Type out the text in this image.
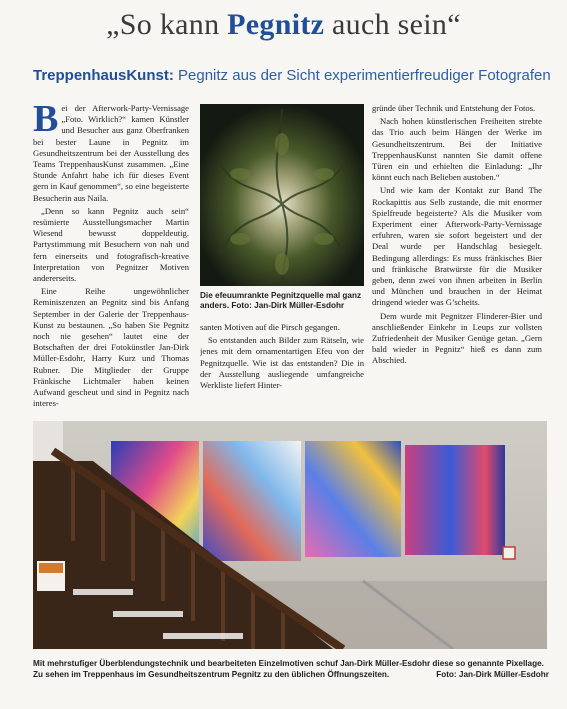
„So kann Pegnitz auch sein“
TreppenhausKunst: Pegnitz aus der Sicht experimentierfreudiger Fotografen
B ei der Afterwork-Party-Vernissage „Foto. Wirklich?“ kamen Künstler und Besucher aus ganz Oberfranken bei bester Laune in Pegnitz im Gesundheitszentrum bei der Ausstellung des Teams TreppenhausKunst zusammen. „Eine Stunde Anfahrt habe ich für dieses Event gern in Kauf genommen“, so eine begeisterte Besucherin aus Naila.

„Denn so kann Pegnitz auch sein“ resümierte Ausstellungsmacher Martin Wiesend bewusst doppeldeutig. Partystimmung mit Besuchern von nah und fern einerseits und fotografisch-kreative Interpretation von Pegnitzer Motiven andererseits.

Eine Reihe ungewöhnlicher Reminiszenzen an Pegnitz sind bis Anfang September in der Galerie der Treppenhaus-Kunst zu bestaunen. „So haben Sie Pegnitz noch nie gesehen“ lautet eine der Botschaften der drei Fotokünstler Jan-Dirk Müller-Esdohr, Harry Kurz und Thomas Rubner. Die Mitglieder der Gruppe Fränkische Lichtmaler haben keinen Aufwand gescheut und sind in Pegnitz nach interes-

Die efeuumrankte Pegnitzquelle mal ganz anders. Foto: Jan-Dirk Müller-Esdohr

santen Motiven auf die Pirsch gegangen.

So entstanden auch Bilder zum Rätseln, wie jenes mit dem ornamentartigen Efeu von der Pegnitzquelle. Wie ist das entstanden? Die in der Ausstellung ausliegende umfangreiche Werkliste liefert Hinter-

gründe über Technik und Entstehung der Fotos.

Nach hohen künstlerischen Freiheiten strebte das Trio auch beim Hängen der Werke im Gesundheitszentrum. Bei der Initiative TreppenhausKunst nannten Sie damit offene Türen ein und erhielten die Einladung: „Ihr könnt euch nach Belieben austoben.“

Und wie kam der Kontakt zur Band The Rockapittis aus Selb zustande, die mit enormer Spielfreude begeisterte? Als die Musiker vom Experiment einer Afterwork-Party-Vernissage erfuhren, waren sie sofort begeistert und der Deal wurde per Handschlag besiegelt. Bedingung allerdings: Es muss fränkisches Bier und fränkische Bratwürste für die Musiker geben, denn zwei von ihnen arbeiten in Berlin und München und brauchen in der Heimat dringend wieder was G’scheits.

Dem wurde mit Pegnitzer Flinderer-Bier und anschließender Einkehr in Leups zur vollsten Zufriedenheit der Musiker Genüge getan. „Gern bald wieder in Pegnitz“ hieß es dann zum Abschied.

Mit mehrstufiger Überblendungstechnik und bearbeiteten Einzelmotiven schuf Jan-Dirk Müller-Esdohr diese so genannte Pixellage. Zu sehen im Treppenhaus im Gesundheitszentrum Pegnitz zu den üblichen Öffnungszeiten.	Foto: Jan-Dirk Müller-Esdohr
